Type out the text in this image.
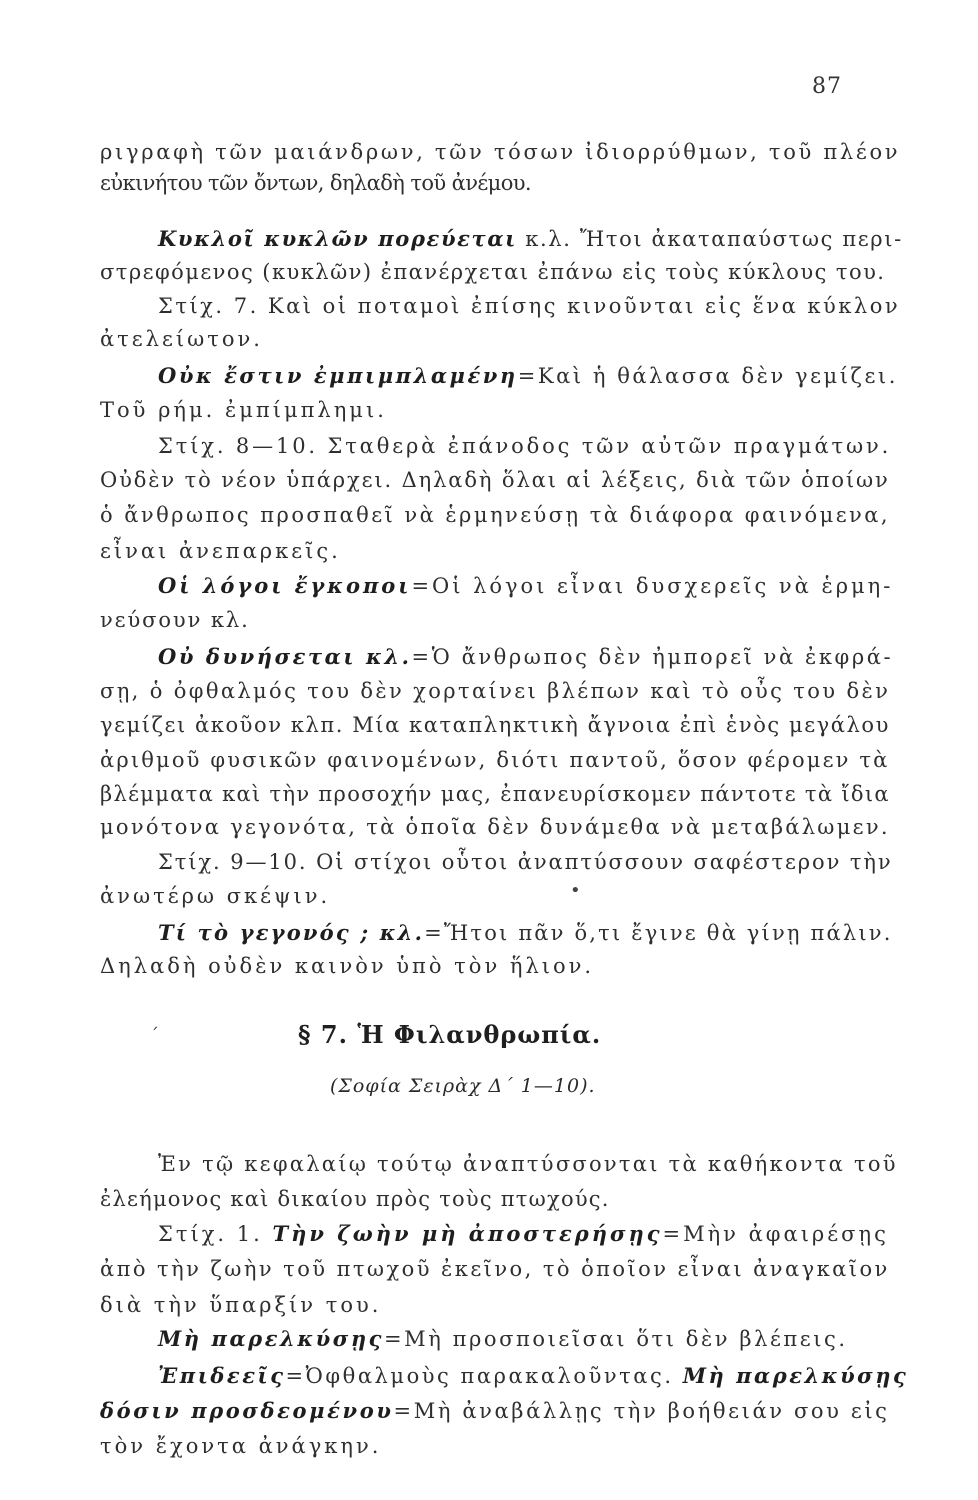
87
ριγραφὴ τῶν μαιάνδρων, τῶν τόσων ἰδιορρύθμων, τοῦ πλέον
εὐκινήτου τῶν ὄντων, δηλαδὴ τοῦ ἀνέμου.
Κυκλοῖ κυκλῶν πορεύεται κ.λ. Ἤτοι ἀκαταπαύστως περι-
στρεφόμενος (κυκλῶν) ἐπανέρχεται ἐπάνω εἰς τοὺς κύκλους του.
Στίχ. 7. Καὶ οἱ ποταμοὶ ἐπίσης κινοῦνται εἰς ἕνα κύκλον
ἀτελείωτον.
Οὐκ ἔστιν ἐμπιμπλαμένη=Καὶ ἡ θάλασσα δὲν γεμίζει.
Τοῦ ρήμ. ἐμπίμπλημι.
Στίχ. 8—10. Σταθερὰ ἐπάνοδος τῶν αὐτῶν πραγμάτων.
Οὐδὲν τὸ νέον ὑπάρχει. Δηλαδὴ ὅλαι αἱ λέξεις, διὰ τῶν ὁποίων
ὁ ἄνθρωπος προσπαθεῖ νὰ ἑρμηνεύσῃ τὰ διάφορα φαινόμενα,
εἶναι ἀνεπαρκεῖς.
Οἱ λόγοι ἔγκοποι=Οἱ λόγοι εἶναι δυσχερεῖς νὰ ἑρμη-
νεύσουν κλ.
Οὐ δυνήσεται κλ.=Ὁ ἄνθρωπος δὲν ἠμπορεῖ νὰ ἐκφρά-
σῃ, ὁ ὀφθαλμός του δὲν χορταίνει βλέπων καὶ τὸ οὖς του δὲν
γεμίζει ἀκοῦον κλπ. Μία καταπληκτικὴ ἄγνοια ἐπὶ ἑνὸς μεγάλου
ἀριθμοῦ φυσικῶν φαινομένων, διότι παντοῦ, ὅσον φέρομεν τὰ
βλέμματα καὶ τὴν προσοχήν μας, ἐπανευρίσκομεν πάντοτε τὰ ἴδια
μονότονα γεγονότα, τὰ ὁποῖα δὲν δυνάμεθα νὰ μεταβάλωμεν.
Στίχ. 9—10. Οἱ στίχοι οὗτοι ἀναπτύσσουν σαφέστερον τὴν
ἀνωτέρω σκέψιν.
Τί τὸ γεγονός ; κλ.=Ἤτοι πᾶν ὅ,τι ἔγινε θὰ γίνῃ πάλιν.
Δηλαδὴ οὐδὲν καινὸν ὑπὸ τὸν ἥλιον.
Ἐν τῷ κεφαλαίῳ τούτῳ ἀναπτύσσονται τὰ καθήκοντα τοῦ
ἐλεήμονος καὶ δικαίου πρὸς τοὺς πτωχούς.
Στίχ. 1. Τὴν ζωὴν μὴ ἀποστερήσῃς=Μὴν ἀφαιρέσῃς
ἀπὸ τὴν ζωὴν τοῦ πτωχοῦ ἐκεῖνο, τὸ ὁποῖον εἶναι ἀναγκαῖον
διὰ τὴν ὕπαρξίν του.
Μὴ παρελκύσῃς=Μὴ προσποιεῖσαι ὅτι δὲν βλέπεις.
Ἐπιδεεῖς=Ὀφθαλμοὺς παρακαλοῦντας. Μὴ παρελκύσῃς
δόσιν προσδεομένου=Μὴ ἀναβάλλῃς τὴν βοήθειάν σου εἰς
τὸν ἔχοντα ἀνάγκην.
§ 7. Ἡ Φιλανθρωπία.
(Σοφία Σειρὰχ Δ΄ 1—10).
ˊ
•
